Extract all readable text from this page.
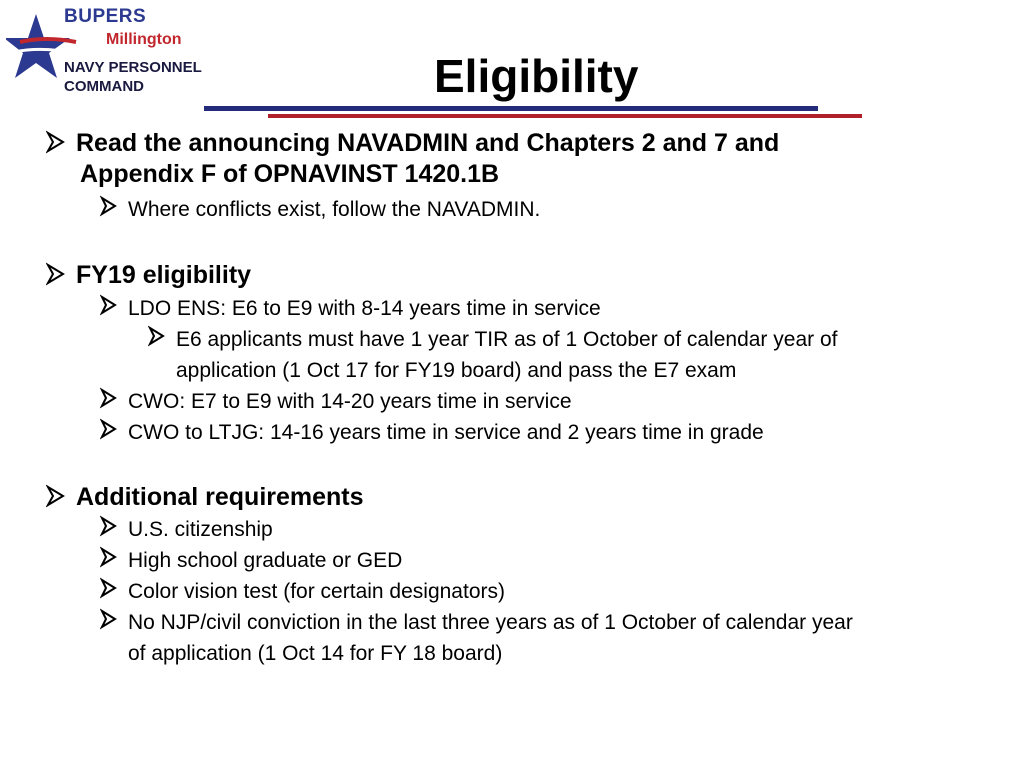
BUPERS
Millington
NAVY PERSONNEL
COMMAND	Eligibility
Read the announcing NAVADMIN and Chapters 2 and 7 and
Appendix F of OPNAVINST 1420.1B
Where conflicts exist, follow the NAVADMIN.
FY19 eligibility
LDO ENS: E6 to E9 with 8-14 years time in service
E6 applicants must have 1 year TIR as of 1 October of calendar year of
application (1 Oct 17 for FY19 board) and pass the E7 exam
CWO: E7 to E9 with 14-20 years time in service
CWO to LTJG: 14-16 years time in service and 2 years time in grade
Additional requirements
U.S. citizenship
High school graduate or GED
Color vision test (for certain designators)
No NJP/civil conviction in the last three years as of 1 October of calendar year
of application (1 Oct 14 for FY 18 board)
